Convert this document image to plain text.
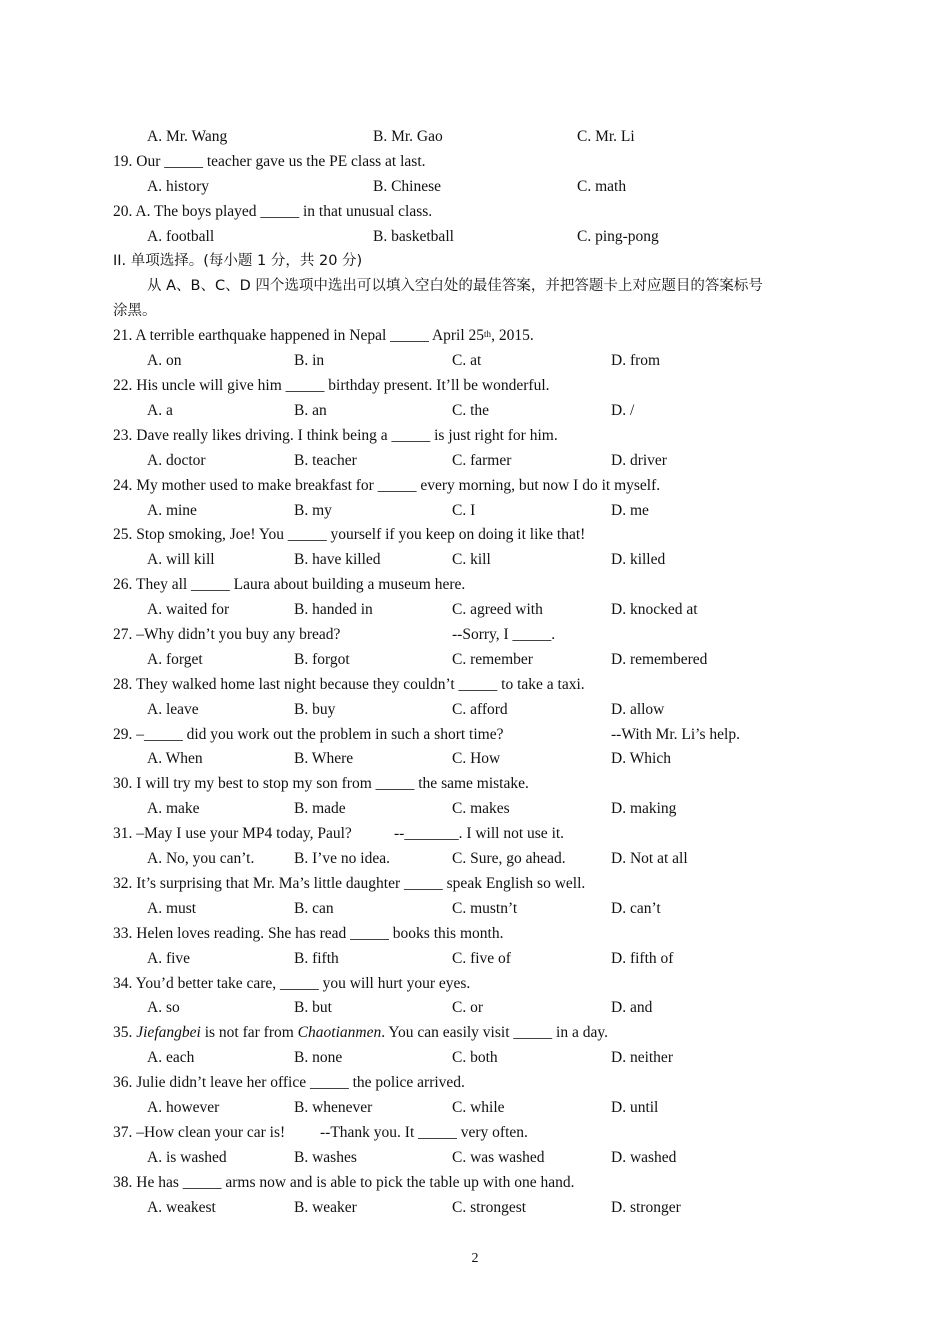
A. Mr. Wang	B. Mr. Gao	C. Mr. Li
19. Our _____ teacher gave us the PE class at last.
A. history	B. Chinese	C. math
20. A. The boys played _____ in that unusual class.
A. football	B. basketball	C. ping-pong
II. 单项选择。(每小题 1 分，共 20 分)
从 A、B、C、D 四个选项中选出可以填入空白处的最佳答案，并把答题卡上对应题目的答案标号
涂黑。
21. A terrible earthquake happened in Nepal _____ April 25th, 2015.
A. on	B. in	C. at	D. from
22. His uncle will give him _____ birthday present. It’ll be wonderful.
A. a	B. an	C. the	D. /
23. Dave really likes driving. I think being a _____ is just right for him.
A. doctor	B. teacher	C. farmer	D. driver
24. My mother used to make breakfast for _____ every morning, but now I do it myself.
A. mine	B. my	C. I	D. me
25. Stop smoking, Joe! You _____ yourself if you keep on doing it like that!
A. will kill	B. have killed	C. kill	D. killed
26. They all _____ Laura about building a museum here.
A. waited for	B. handed in	C. agreed with	D. knocked at
27. –Why didn’t you buy any bread?	--Sorry, I _____.
A. forget	B. forgot	C. remember	D. remembered
28. They walked home last night because they couldn’t _____ to take a taxi.
A. leave	B. buy	C. afford	D. allow
29. –_____ did you work out the problem in such a short time?	--With Mr. Li’s help.
A. When	B. Where	C. How	D. Which
30. I will try my best to stop my son from _____ the same mistake.
A. make	B. made	C. makes	D. making
31. –May I use your MP4 today, Paul?	--_______. I will not use it.
A. No, you can’t.	B. I’ve no idea.	C. Sure, go ahead.	D. Not at all
32. It’s surprising that Mr. Ma’s little daughter _____ speak English so well.
A. must	B. can	C. mustn’t	D. can’t
33. Helen loves reading. She has read _____ books this month.
A. five	B. fifth	C. five of	D. fifth of
34. You’d better take care, _____ you will hurt your eyes.
A. so	B. but	C. or	D. and
35. Jiefangbei is not far from Chaotianmen. You can easily visit _____ in a day.
A. each	B. none	C. both	D. neither
36. Julie didn’t leave her office _____ the police arrived.
A. however	B. whenever	C. while	D. until
37. –How clean your car is! --Thank you. It _____ very often.
A. is washed	B. washes	C. was washed	D. washed
38. He has _____ arms now and is able to pick the table up with one hand.
A. weakest	B. weaker	C. strongest	D. stronger
2
